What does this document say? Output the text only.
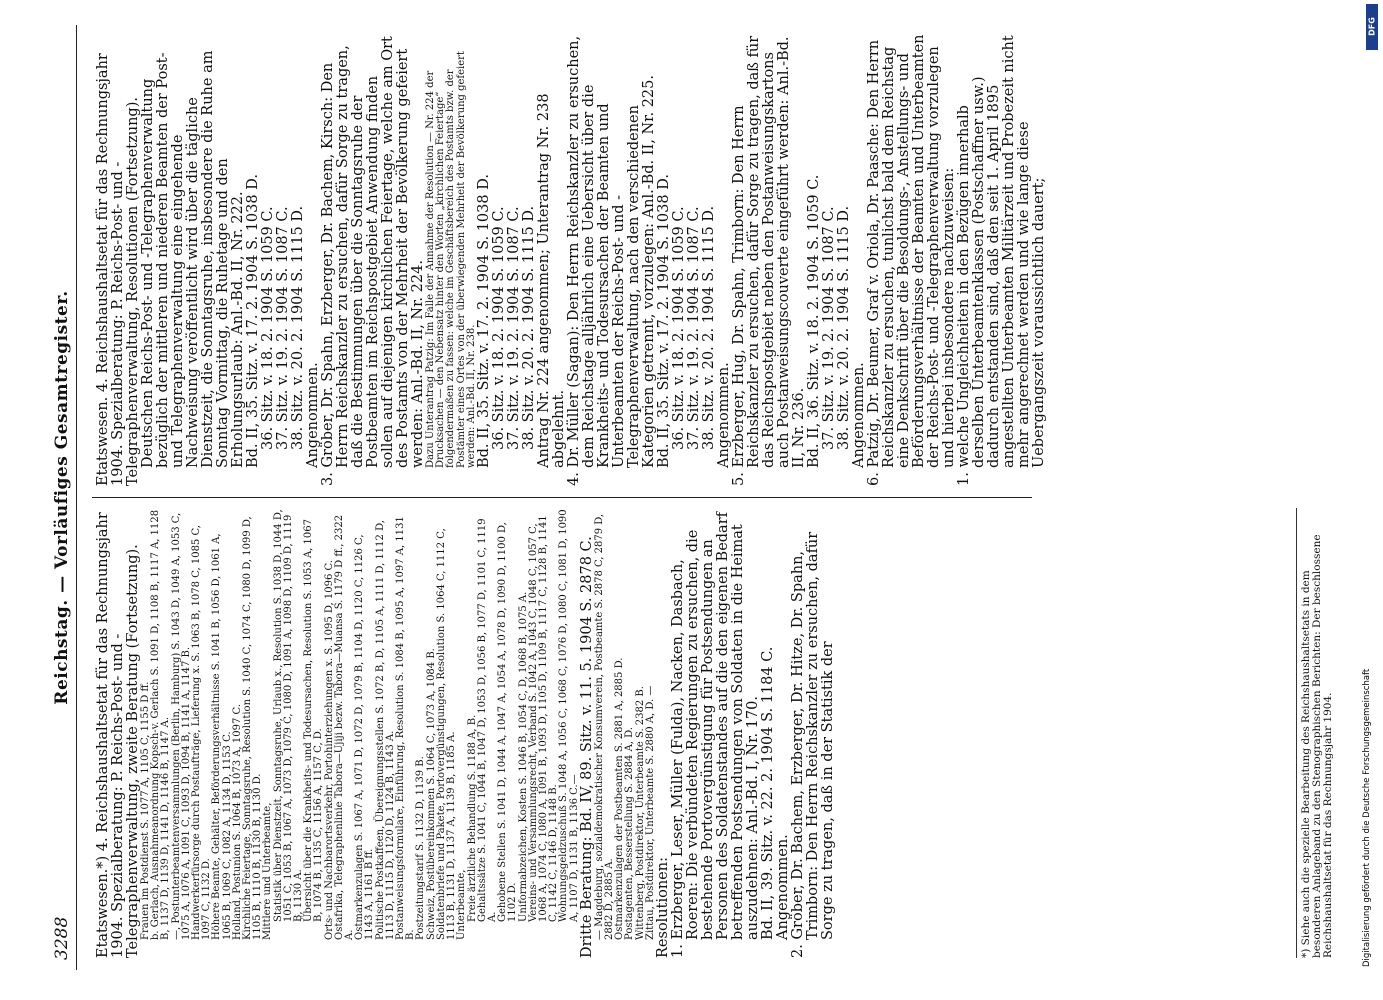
3288
Reichstag. — Vorläufiges Gesamtregister.

Etatswesen.*) 4. Reichshaushaltsetat für das Rechnungsjahr 1904. Spezialberatung: P. Reichs-Post- und -Telegraphenverwaltung, zweite Beratung (Fortsetzung). Frauen im Postdienst S. 1077 A, 1105 C, 1155 D ff. b. Gerlach, Ausnahmeanordnung Kopsch-v. Gerlach S. 1091 D, 1108 B, 1117 A, 1128 B, 1137 D, 1139 D, 1141 D, 1146 B, 1147 A. —, Postunterbeamtenversammlungen (Berlin, Hamburg) S. 1043 D, 1049 A, 1053 C, 1075 A, 1076 A, 1091 C, 1093 D, 1094 B, 1141 A, 1147 B. Handwerkerfürsorge durch Postaufträge, Lieferung x. S. 1063 B, 1078 C, 1085 C, 1097 C, 1132 D. Höhere Beamte, Gehälter, Beförderungsverhältnisse S. 1041 B, 1056 D, 1061 A, 1065 B, 1069 C, 1082 A, 1134 D, 1153 C. Holland, Postunion S. 1064 B, 1073 A, 1097 C. Kirchliche Feiertage, Sonntagsruhe, Resolution S. 1040 C, 1074 C, 1080 D, 1099 D, 1105 B, 1110 B, 1130 B, 1130 D. Mittlere und Unterbeamte, Statistik über Dienstzeit, Sonntagsruhe, Urlaub x., Resolution S. 1038 D, 1044 D, 1051 C, 1053 B, 1067 A, 1073 D, 1079 C, 1080 D, 1091 A, 1098 D, 1109 D, 1119 B, 1130 A. Übersicht über die Krankheits- und Todesursachen, Resolution S. 1053 A, 1067 B, 1074 B, 1135 C, 1156 A, 1157 C, D. Orts- und Nachbarortsverkehr, Portohinterziehungen x. S. 1095 D, 1096 C. Ostafrika, Telegraphenlinie Tabora—Ujiji bezw. Tabora—Muansa S. 1179 D ff., 2322 A. Ostmarkenzulagen S. 1067 A, 1071 D, 1072 D, 1079 B, 1104 D, 1120 C, 1126 C, 1143 A, 1161 B ff. Politische Postkaffeen, Übereignungsstellen S. 1072 B, D, 1105 A, 1111 D, 1112 D, 1113 D, 1115 D, 1120 D, 1124 B, 1143 A. Postanweisungsformulare, Einführung, Resolution S. 1084 B, 1095 A, 1097 A, 1131 B. Postzeitungstarif S. 1132 D, 1139 B. Schweiz, Postübereinkommen S. 1064 C, 1073 A, 1084 B. Soldatenbriefe und Pakete, Portovergünstigungen, Resolution S. 1064 C, 1112 C, 1113 B, 1131 D, 1137 A, 1139 B, 1185 A. Unterbeamte, Freie ärztliche Behandlung S. 1188 A, B. Gehaltssätze S. 1041 C, 1044 B, 1047 D, 1053 D, 1056 B, 1077 D, 1101 C, 1119 A. Gehobene Stellen S. 1041 D, 1044 A, 1047 A, 1054 A, 1078 D, 1090 D, 1100 D, 1102 D. Uniformabzeichen, Kosten S. 1046 B, 1054 C, D, 1068 B, 1075 A. Vereins- und Versammlungsrecht, Verband S. 1042 A, 1043 C, 1048 C, 1057 C, 1068 A, 1074 C, 1080 A, 1091 B, 1093 D, 1105 D, 1109 B, 1117 C, 1128 B, 1141 C, 1142 C, 1146 D, 1148 B. Wohnungsgeldzuschuß S. 1048 A, 1056 C, 1068 C, 1076 D, 1080 C, 1081 D, 1090 A, 1107 D, 1131 B, 1136 C.— Dritte Beratung: Bd. IV, 89. Sitz. v. 11. 5. 1904 S. 2878 C. — Magdeburg, sozialdemokratischer Konsumverein, Postbeamte S. 2878 C, 2879 D, 2882 D, 2885 A. Ostmarkenzulagen der Postbeamten S. 2881 A, 2885 D. Postagenten, Besserstellung S. 2884 A, D. Wittenberg, Postdirektor, Unterbeamte S. 2382 B. Zittau, Postdirektor, Unterbeamte S. 2880 A, D. — Resolutionen: 1. Erzberger, Leser, Müller (Fulda), Nacken, Dasbach, Roeren: Die verbündeten Regierungen zu ersuchen, die bestehende Portovergünstigung für Postsendungen an Personen des Soldatenstandes auf die den eigenen Bedarf betreffenden Postsendungen von Soldaten in die Heimat auszudehnen: Anl.-Bd. I, Nr. 170. Bd. II, 39. Sitz. v. 22. 2. 1904 S. 1184 C. Angenommen. 2. Gröber, Dr. Bachem, Erzberger, Dr. Hitze, Dr. Spahn, Trimborn: Den Herrn Reichskanzler zu ersuchen, dafür Sorge zu tragen, daß in der Statistik der

Etatswesen. 4. Reichshaushaltsetat für das Rechnungsjahr 1904. Spezialberatung: P. Reichs-Post- und -Telegraphenverwaltung, Resolutionen (Fortsetzung). Deutschen Reichs-Post- und -Telegraphenverwaltung bezüglich der mittleren und niederen Beamten der Post- und Telegraphenverwaltung eine eingehende Nachweisung veröffentlicht wird über die tägliche Dienstzeit, die Sonntagsruhe, insbesondere die Ruhe am Sonntag Vormittag, die Ruhetage und den Erholungsurlaub: Anl.-Bd. II, Nr. 222. Bd. II, 35. Sitz. v. 17. 2. 1904 S. 1038 D. 36. Sitz. v. 18. 2. 1904 S. 1059 C. 37. Sitz. v. 19. 2. 1904 S. 1087 C. 38. Sitz. v. 20. 2. 1904 S. 1115 D. Angenommen. 3. Gröber, Dr. Spahn, Erzberger, Dr. Bachem, Kirsch: Den Herrn Reichskanzler zu ersuchen, dafür Sorge zu tragen, daß die Bestimmungen über die Sonntagsruhe der Postbeamten im Reichspostgebiet Anwendung finden sollen auf diejenigen kirchlichen Feiertage, welche am Ort des Postamts von der Mehrheit der Bevölkerung gefeiert werden: Anl.-Bd. II, Nr. 224. Dazu Unterantrag Patzig: Im Falle der Annahme der Resolution — Nr. 224 der Drucksachen — den Nebensatz hinter den Worten „kirchlichen Feiertage“ folgendermaßen zu fassen: welche im Geschäftsbereich des Postamts bzw. der Postämter eines Ortes von der überwiegenden Mehrheit der Bevölkerung gefeiert werden: Anl.-Bd. II, Nr. 238. Bd. II, 35. Sitz. v. 17. 2. 1904 S. 1038 D. 36. Sitz. v. 18. 2. 1904 S. 1059 C. 37. Sitz. v. 19. 2. 1904 S. 1087 C. 38. Sitz. v. 20. 2. 1904 S. 1115 D. Antrag Nr. 224 angenommen; Unterantrag Nr. 238 abgelehnt. 4. Dr. Müller (Sagan): Den Herrn Reichskanzler zu ersuchen, dem Reichstage alljährlich eine Uebersicht über die Krankheits- und Todesursachen der Beamten und Unterbeamten der Reichs-Post- und -Telegraphenverwaltung, nach den verschiedenen Kategorien getrennt, vorzulegen: Anl.-Bd. II, Nr. 225. Bd. II, 35. Sitz. v. 17. 2. 1904 S. 1038 D. 36. Sitz. v. 18. 2. 1904 S. 1059 C. 37. Sitz. v. 19. 2. 1904 S. 1087 C. 38. Sitz. v. 20. 2. 1904 S. 1115 D. Angenommen. 5. Erzberger, Hug, Dr. Spahn, Trimborn: Den Herrn Reichskanzler zu ersuchen, dafür Sorge zu tragen, daß für das Reichspostgebiet neben den Postanweisungskartons auch Postanweisungscouverte eingeführt werden: Anl.-Bd. II, Nr. 236. Bd. II, 36. Sitz. v. 18. 2. 1904 S. 1059 C. 37. Sitz. v. 19. 2. 1904 S. 1087 C. 38. Sitz. v. 20. 2. 1904 S. 1115 D. Angenommen. 6. Patzig, Dr. Beumer, Graf v. Oriola, Dr. Paasche: Den Herrn Reichskanzler zu ersuchen, tunlichst bald dem Reichstag eine Denkschrift über die Besoldungs-, Anstellungs- und Beförderungsverhältnisse der Beamten und Unterbeamten der Reichs-Post- und -Telegraphenverwaltung vorzulegen und hierbei insbesondere nachzuweisen: 1. welche Ungleichheiten in den Bezügen innerhalb derselben Unterbeamtenklassen (Postschaffner usw.) dadurch entstanden sind, daß den seit 1. April 1895 angestellten Unterbeamten Militärzeit und Probezeit nicht mehr angerechnet werden und wie lange diese Uebergangszeit voraussichtlich dauert;

*) Siehe auch die spezielle Bearbeitung des Reichshaushaltsetats in dem besonderen Anlageband zu den Stenographischen Berichten: Der beschlossene Reichshaushaltsetat für das Rechnungsjahr 1904.	Digitalisierung gefördert durch die Deutsche Forschungsgemeinschaft
DFG
